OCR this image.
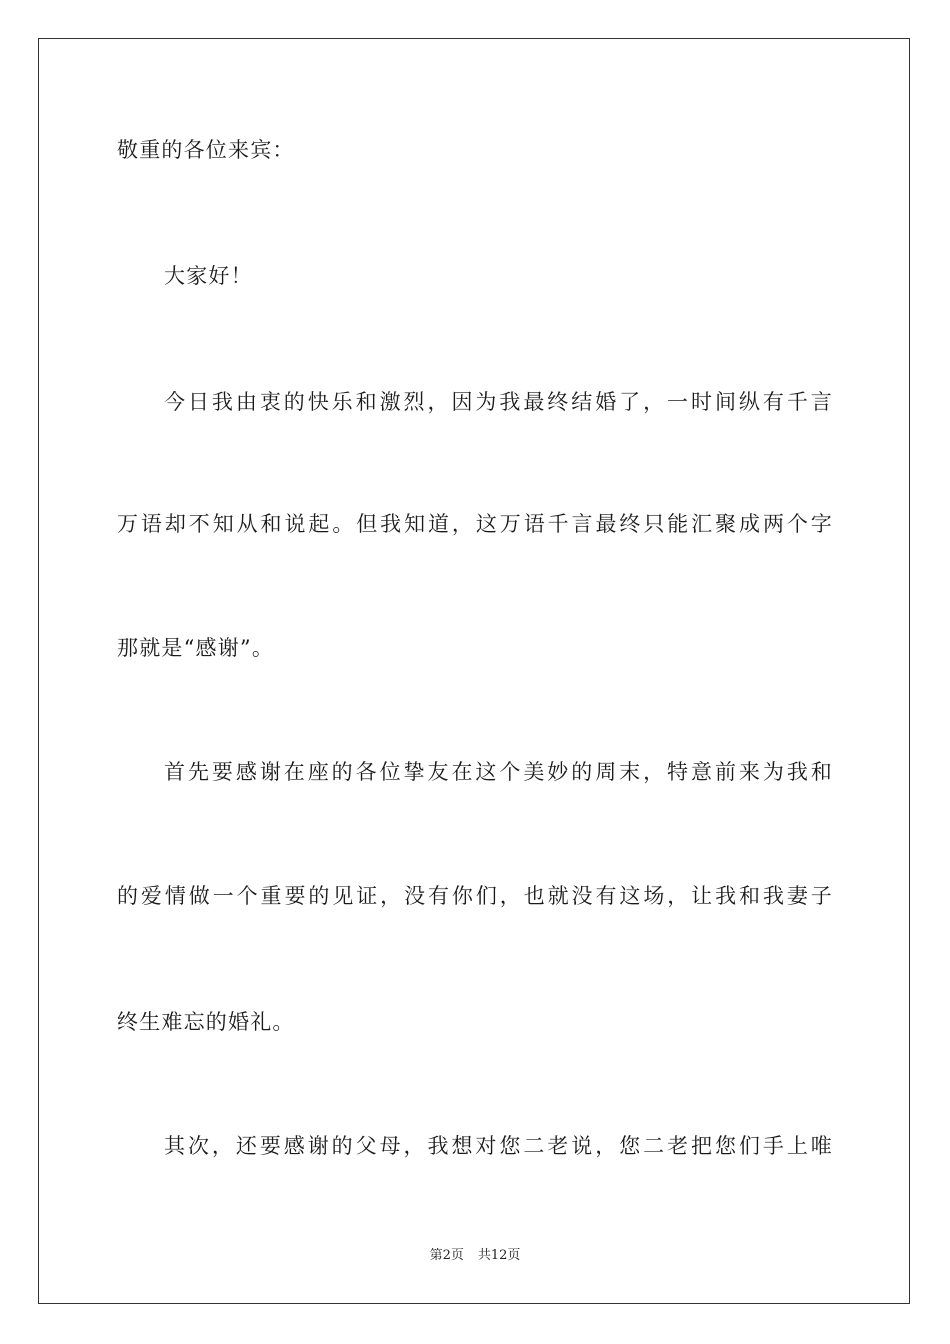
敬重的各位来宾：
大家好！
今日我由衷的快乐和激烈，因为我最终结婚了，一时间纵有千言
万语却不知从和说起。但我知道，这万语千言最终只能汇聚成两个字
那就是“感谢”。
首先要感谢在座的各位挚友在这个美妙的周末，特意前来为我和
的爱情做一个重要的见证，没有你们，也就没有这场，让我和我妻子
终生难忘的婚礼。
其次，还要感谢的父母，我想对您二老说，您二老把您们手上唯
第2页 共12页
